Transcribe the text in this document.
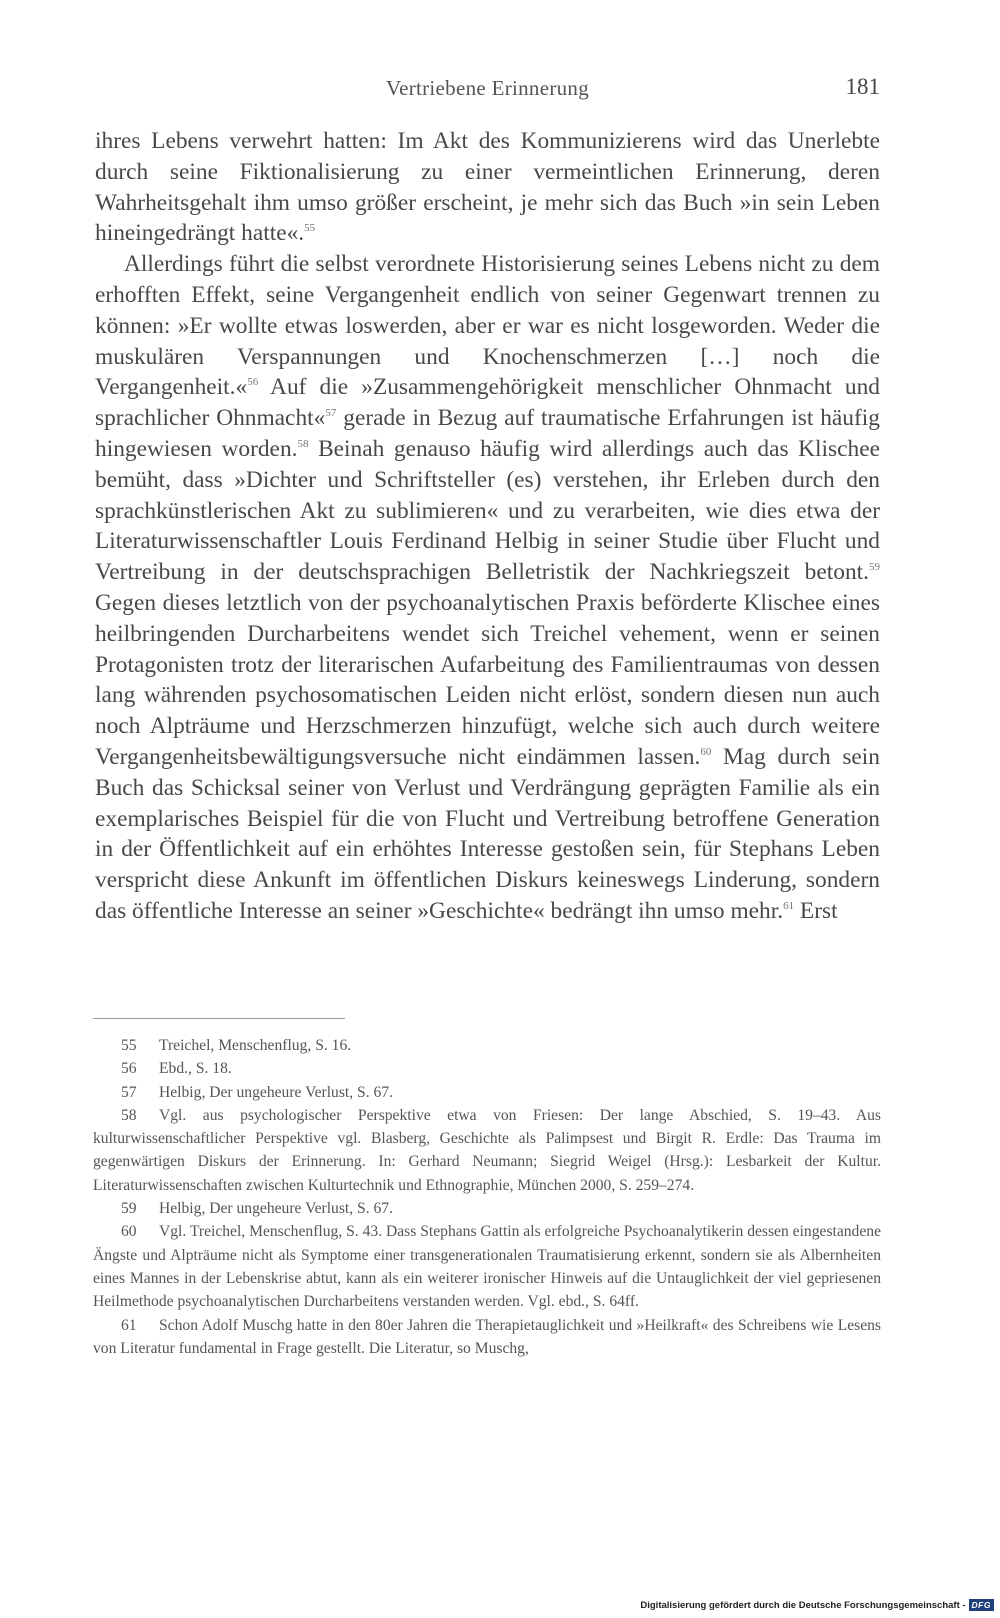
Vertriebene Erinnerung	181

ihres Lebens verwehrt hatten: Im Akt des Kommunizierens wird das Unerlebte durch seine Fiktionalisierung zu einer vermeintlichen Erinnerung, deren Wahrheitsgehalt ihm umso größer erscheint, je mehr sich das Buch »in sein Leben hineingedrängt hatte«.$^{55}$

Allerdings führt die selbst verordnete Historisierung seines Lebens nicht zu dem erhofften Effekt, seine Vergangenheit endlich von seiner Gegenwart trennen zu können: »Er wollte etwas loswerden, aber er war es nicht losgeworden. Weder die muskulären Verspannungen und Knochenschmerzen […] noch die Vergangenheit.«$^{56}$ Auf die »Zusammengehörigkeit menschlicher Ohnmacht und sprachlicher Ohnmacht«$^{57}$ gerade in Bezug auf traumatische Erfahrungen ist häufig hingewiesen worden.$^{58}$ Beinah genauso häufig wird allerdings auch das Klischee bemüht, dass »Dichter und Schriftsteller (es) verstehen, ihr Erleben durch den sprachkünstlerischen Akt zu sublimieren« und zu verarbeiten, wie dies etwa der Literaturwissenschaftler Louis Ferdinand Helbig in seiner Studie über Flucht und Vertreibung in der deutschsprachigen Belletristik der Nachkriegszeit betont.$^{59}$ Gegen dieses letztlich von der psychoanalytischen Praxis beförderte Klischee eines heilbringenden Durcharbeitens wendet sich Treichel vehement, wenn er seinen Protagonisten trotz der literarischen Aufarbeitung des Familientraumas von dessen lang währenden psychosomatischen Leiden nicht erlöst, sondern diesen nun auch noch Alpträume und Herzschmerzen hinzufügt, welche sich auch durch weitere Vergangenheitsbewältigungsversuche nicht eindämmen lassen.$^{60}$ Mag durch sein Buch das Schicksal seiner von Verlust und Verdrängung geprägten Familie als ein exemplarisches Beispiel für die von Flucht und Vertreibung betroffene Generation in der Öffentlichkeit auf ein erhöhtes Interesse gestoßen sein, für Stephans Leben verspricht diese Ankunft im öffentlichen Diskurs keineswegs Linderung, sondern das öffentliche Interesse an seiner »Geschichte« bedrängt ihn umso mehr.$^{61}$ Erst

55 Treichel, Menschenflug, S. 16.

56 Ebd., S. 18.

57 Helbig, Der ungeheure Verlust, S. 67.

58 Vgl. aus psychologischer Perspektive etwa von Friesen: Der lange Abschied, S. 19–43. Aus kulturwissenschaftlicher Perspektive vgl. Blasberg, Geschichte als Palimpsest und Birgit R. Erdle: Das Trauma im gegenwärtigen Diskurs der Erinnerung. In: Gerhard Neumann; Siegrid Weigel (Hrsg.): Lesbarkeit der Kultur. Literaturwissenschaften zwischen Kulturtechnik und Ethnographie, München 2000, S. 259–274.

59 Helbig, Der ungeheure Verlust, S. 67.

60 Vgl. Treichel, Menschenflug, S. 43. Dass Stephans Gattin als erfolgreiche Psychoanalytikerin dessen eingestandene Ängste und Alpträume nicht als Symptome einer transgenerationalen Traumatisierung erkennt, sondern sie als Albernheiten eines Mannes in der Lebenskrise abtut, kann als ein weiterer ironischer Hinweis auf die Untauglichkeit der viel gepriesenen Heilmethode psychoanalytischen Durcharbeitens verstanden werden. Vgl. ebd., S. 64ff.

61 Schon Adolf Muschg hatte in den 80er Jahren die Therapietauglichkeit und »Heilkraft« des Schreibens wie Lesens von Literatur fundamental in Frage gestellt. Die Literatur, so Muschg,

Digitalisierung gefördert durch die Deutsche Forschungsgemeinschaft - DFG
